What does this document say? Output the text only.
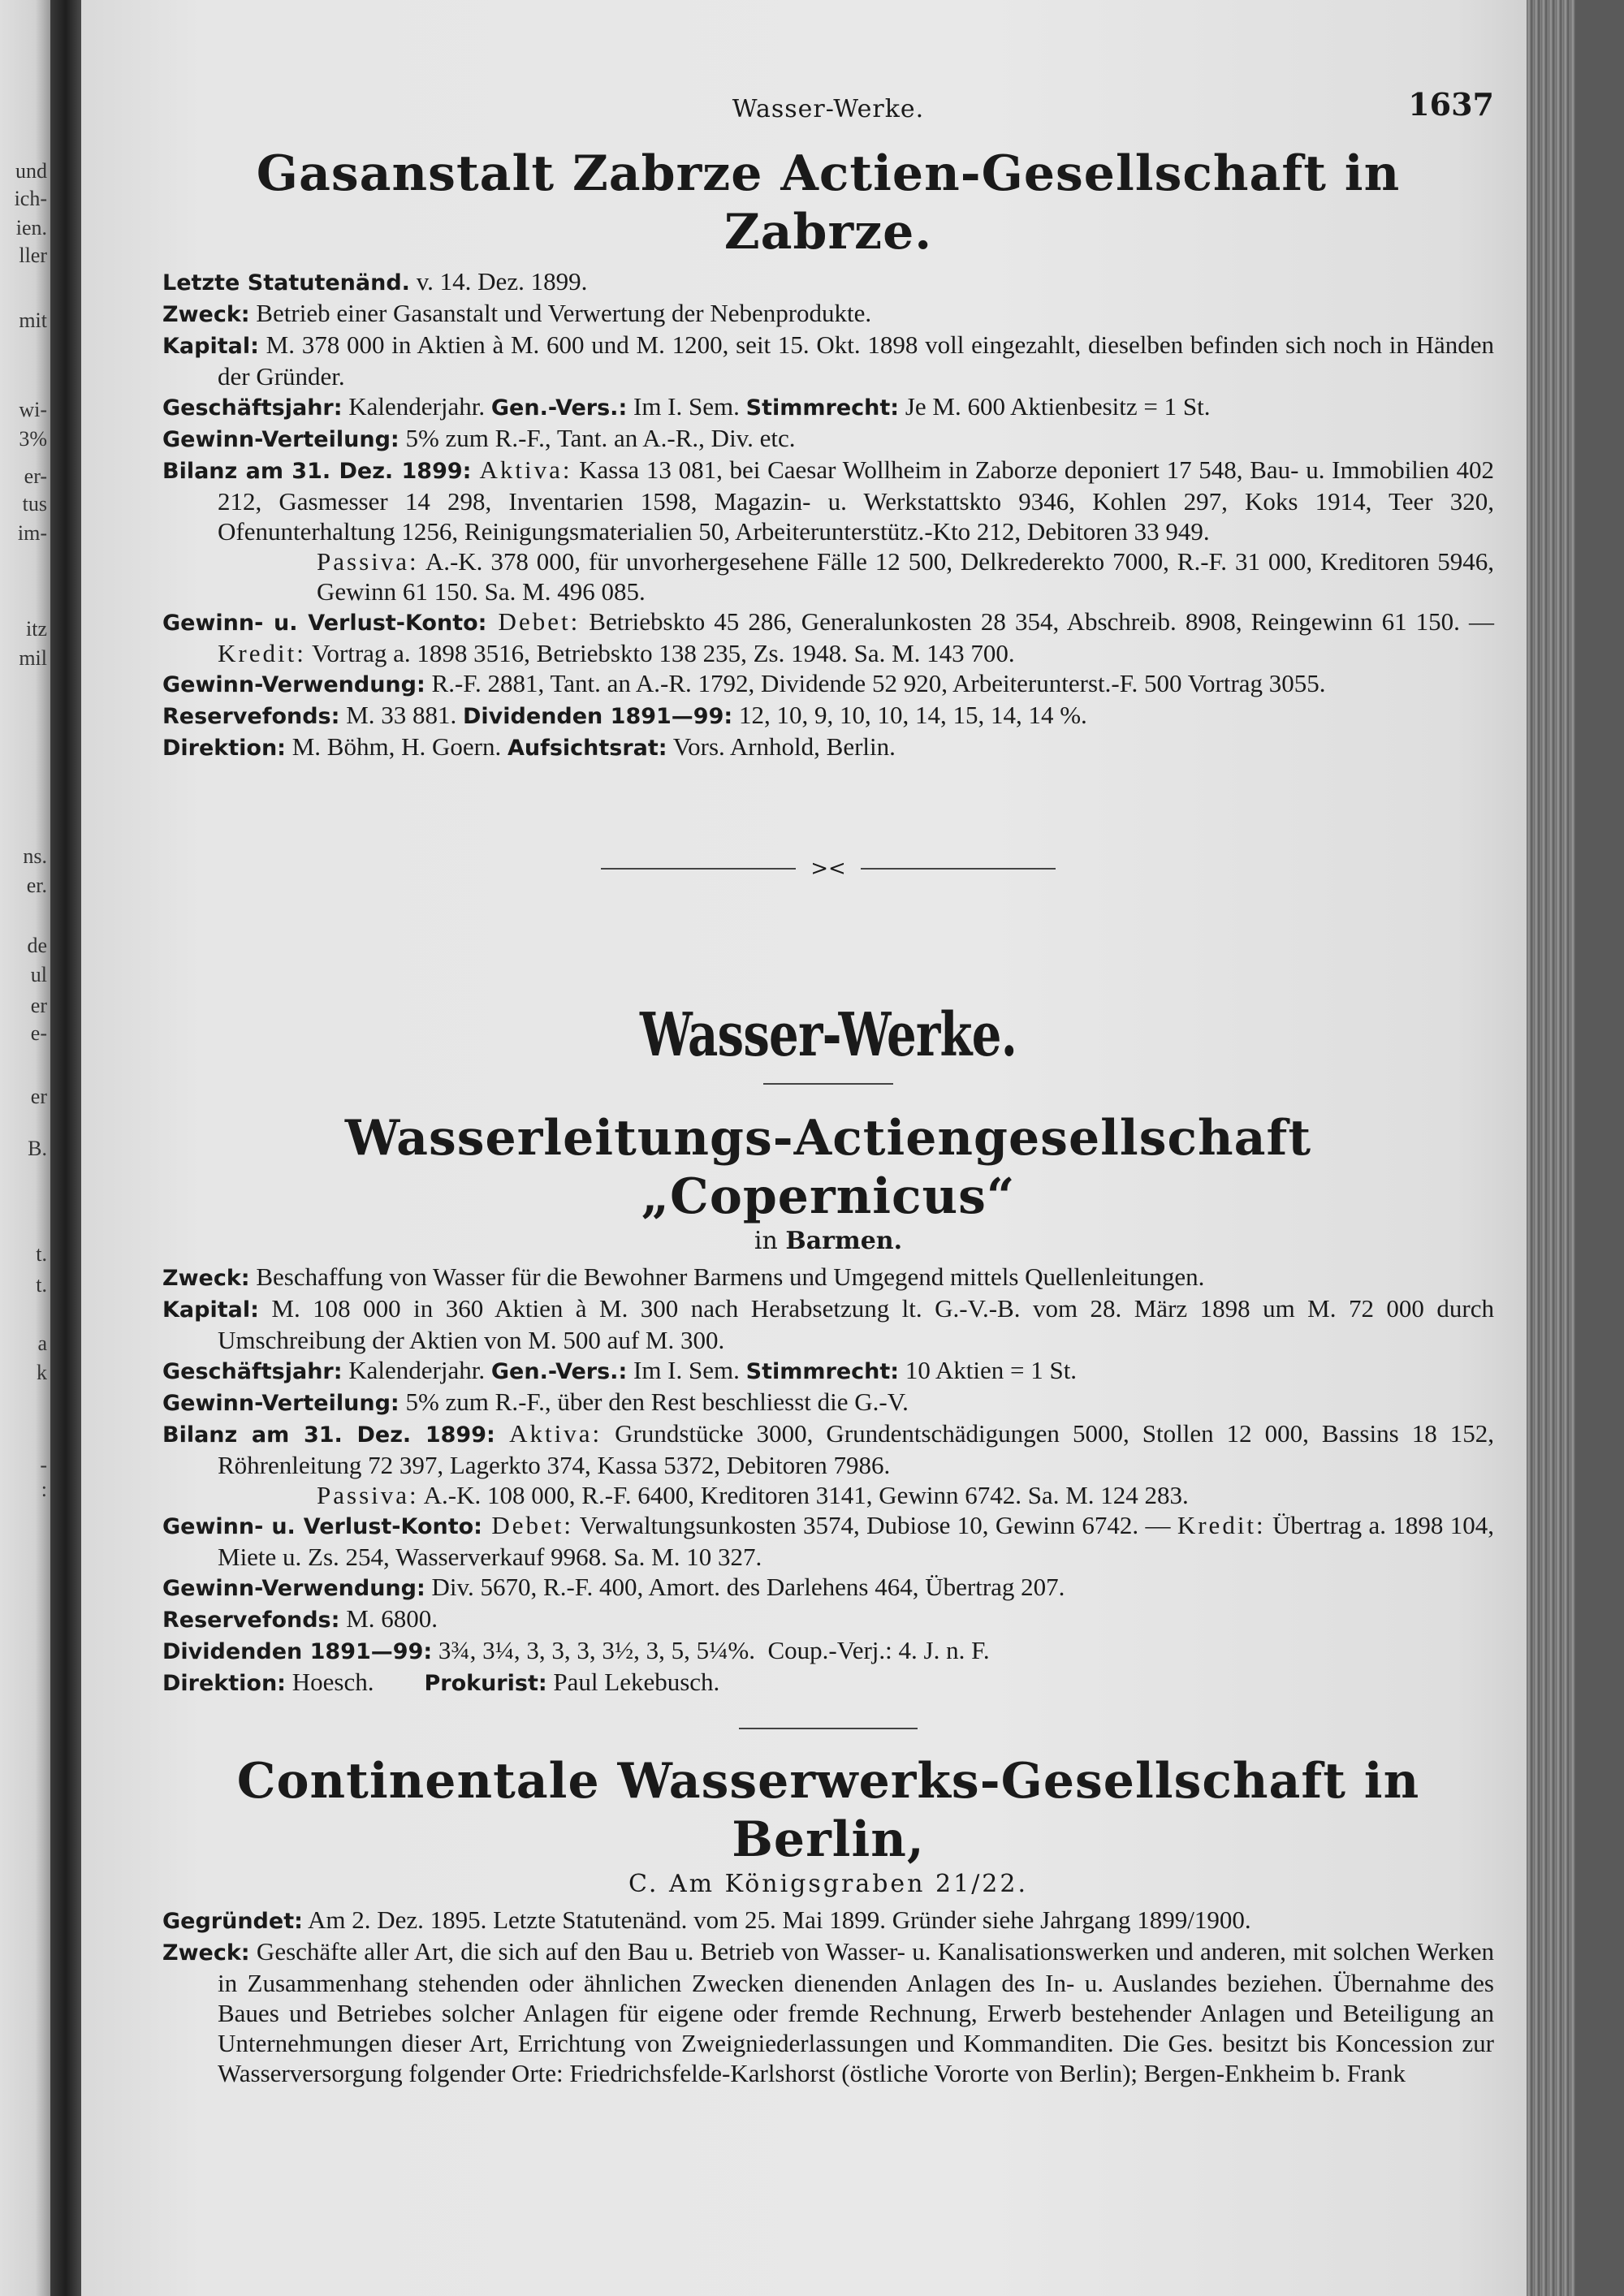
und
ich-
ien.
ller
mit
wi-
3%
er-
tus
im-
itz
mil
ns.
er.
de
ul
er
e-
er
B.
t.
t.
a
k
-
:
Wasser-Werke.	1637
Gasanstalt Zabrze Actien-Gesellschaft in Zabrze.

Letzte Statutenänd. v. 14. Dez. 1899.

Zweck: Betrieb einer Gasanstalt und Verwertung der Nebenprodukte.

Kapital: M. 378 000 in Aktien à M. 600 und M. 1200, seit 15. Okt. 1898 voll eingezahlt, dieselben befinden sich noch in Händen der Gründer.

Geschäftsjahr: Kalenderjahr. Gen.-Vers.: Im I. Sem. Stimmrecht: Je M. 600 Aktienbesitz = 1 St.

Gewinn-Verteilung: 5% zum R.-F., Tant. an A.-R., Div. etc.

Bilanz am 31. Dez. 1899: Aktiva: Kassa 13 081, bei Caesar Wollheim in Zaborze deponiert 17 548, Bau- u. Immobilien 402 212, Gasmesser 14 298, Inventarien 1598, Magazin- u. Werkstattskto 9346, Kohlen 297, Koks 1914, Teer 320, Ofenunterhaltung 1256, Reinigungsmaterialien 50, Arbeiterunterstütz.-Kto 212, Debitoren 33 949.

Passiva: A.-K. 378 000, für unvorhergesehene Fälle 12 500, Delkrederekto 7000, R.-F. 31 000, Kreditoren 5946, Gewinn 61 150. Sa. M. 496 085.

Gewinn- u. Verlust-Konto: Debet: Betriebskto 45 286, Generalunkosten 28 354, Abschreib. 8908, Reingewinn 61 150. — Kredit: Vortrag a. 1898 3516, Betriebskto 138 235, Zs. 1948. Sa. M. 143 700.

Gewinn-Verwendung: R.-F. 2881, Tant. an A.-R. 1792, Dividende 52 920, Arbeiterunterst.-F. 500 Vortrag 3055.

Reservefonds: M. 33 881. Dividenden 1891—99: 12, 10, 9, 10, 10, 14, 15, 14, 14 %.

Direktion: M. Böhm, H. Goern. Aufsichtsrat: Vors. Arnhold, Berlin.

><
Wasser-Werke.
Wasserleitungs-Actiengesellschaft „Copernicus“
in Barmen.

Zweck: Beschaffung von Wasser für die Bewohner Barmens und Umgegend mittels Quellenleitungen.

Kapital: M. 108 000 in 360 Aktien à M. 300 nach Herabsetzung lt. G.-V.-B. vom 28. März 1898 um M. 72 000 durch Umschreibung der Aktien von M. 500 auf M. 300.

Geschäftsjahr: Kalenderjahr. Gen.-Vers.: Im I. Sem. Stimmrecht: 10 Aktien = 1 St.

Gewinn-Verteilung: 5% zum R.-F., über den Rest beschliesst die G.-V.

Bilanz am 31. Dez. 1899: Aktiva: Grundstücke 3000, Grundentschädigungen 5000, Stollen 12 000, Bassins 18 152, Röhrenleitung 72 397, Lagerkto 374, Kassa 5372, Debitoren 7986.

Passiva: A.-K. 108 000, R.-F. 6400, Kreditoren 3141, Gewinn 6742. Sa. M. 124 283.

Gewinn- u. Verlust-Konto: Debet: Verwaltungsunkosten 3574, Dubiose 10, Gewinn 6742. — Kredit: Übertrag a. 1898 104, Miete u. Zs. 254, Wasserverkauf 9968. Sa. M. 10 327.

Gewinn-Verwendung: Div. 5670, R.-F. 400, Amort. des Darlehens 464, Übertrag 207.

Reservefonds: M. 6800.

Dividenden 1891—99: 3¾, 3¼, 3, 3, 3, 3½, 3, 5, 5¼%.  Coup.-Verj.: 4. J. n. F.

Direktion: Hoesch.        Prokurist: Paul Lekebusch.

Continentale Wasserwerks-Gesellschaft in Berlin,
C. Am Königsgraben 21/22.

Gegründet: Am 2. Dez. 1895. Letzte Statutenänd. vom 25. Mai 1899. Gründer siehe Jahrgang 1899/1900.

Zweck: Geschäfte aller Art, die sich auf den Bau u. Betrieb von Wasser- u. Kanalisationswerken und anderen, mit solchen Werken in Zusammenhang stehenden oder ähnlichen Zwecken dienenden Anlagen des In- u. Auslandes beziehen. Übernahme des Baues und Betriebes solcher Anlagen für eigene oder fremde Rechnung, Erwerb bestehender Anlagen und Beteiligung an Unternehmungen dieser Art, Errichtung von Zweigniederlassungen und Kommanditen. Die Ges. besitzt bis Koncession zur Wasserversorgung folgender Orte: Friedrichsfelde-Karlshorst (östliche Vororte von Berlin); Bergen-Enkheim b. Frank
